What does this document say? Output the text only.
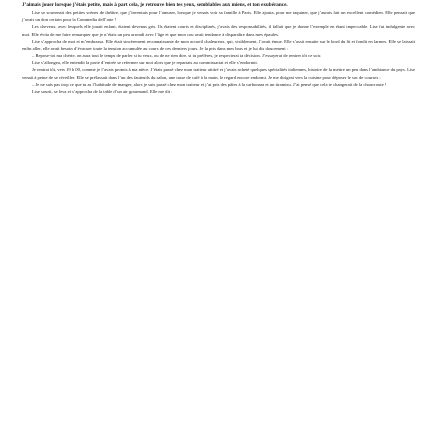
J’aimais jouer lorsque j’étais petite, mais à part cela, je retrouve bien tes yeux, semblables aux miens, et ton exubérance.

Lise se souvenait des petites scènes de théâtre, que j’inventais pour l’amuser, lorsque je venais voir sa famille à Paris. Elle ajouta, pour me taquiner, que j’aurais fait un excellent comédien. Elle pensait que j’avais un don certain pour la Commedia dell’arte !

Les cheveux, avec lesquels elle jouait enfant, étaient devenus gris. Ils étaient courts et disciplinés, j’avais des responsabilités, il fallait que je donne l’exemple en étant impeccable. Lise fut indulgente avec moi. Elle évita de me faire remarquer que je n’étais un peu arrondi avec l’âge et que mon cou avait tendance à disparaître dans mes épaules.

Lise s’approcha de moi et m’embrassa. Elle était sincèrement reconnaissante de mon accueil chaleureux, qui, visiblement, l’avait émue. Elle s’assit ensuite sur le bord du lit et fondit en larmes. Elle se laissait enfin aller, elle avait besoin d’évacuer toute la tension accumulée au cours de ces derniers jours. Je la pris dans mes bras et je lui dis doucement :

– Repose-toi ma chérie, on aura tout le temps de parler si tu veux, ou de ne rien dire, si tu préfères, je respecterai ta décision. J’essayerai de rentrer tôt ce soir.

Lise s’allongea, elle entendit la porte d’entrée se refermer sur moi alors que je repartais au commissariat et elle s’endormit.

Je rentrai tôt, vers 19 h 00, comme je l’avais promis à ma nièce. J’étais passé chez mon traiteur attitré et j’avais acheté quelques spécialités italiennes, histoire de la mettre un peu dans l’ambiance du pays. Lise venait à peine de se réveiller. Elle se prélassait dans l’un des fauteuils du salon, une tasse de café à la main, le regard encore endormi. Je me dirigeai vers la cuisine pour déposer le sac de courses :

– Je ne sais pas trop ce que tu as l’habitude de manger, alors je suis passé chez mon traiteur et j’ai pris des pâtes à la carbonara et un tiramisu. J’ai pensé que cela te changerait de la choucroute !

Lise sourit, se leva et s’approcha de la table d’un air gourmand. Elle me dit :
